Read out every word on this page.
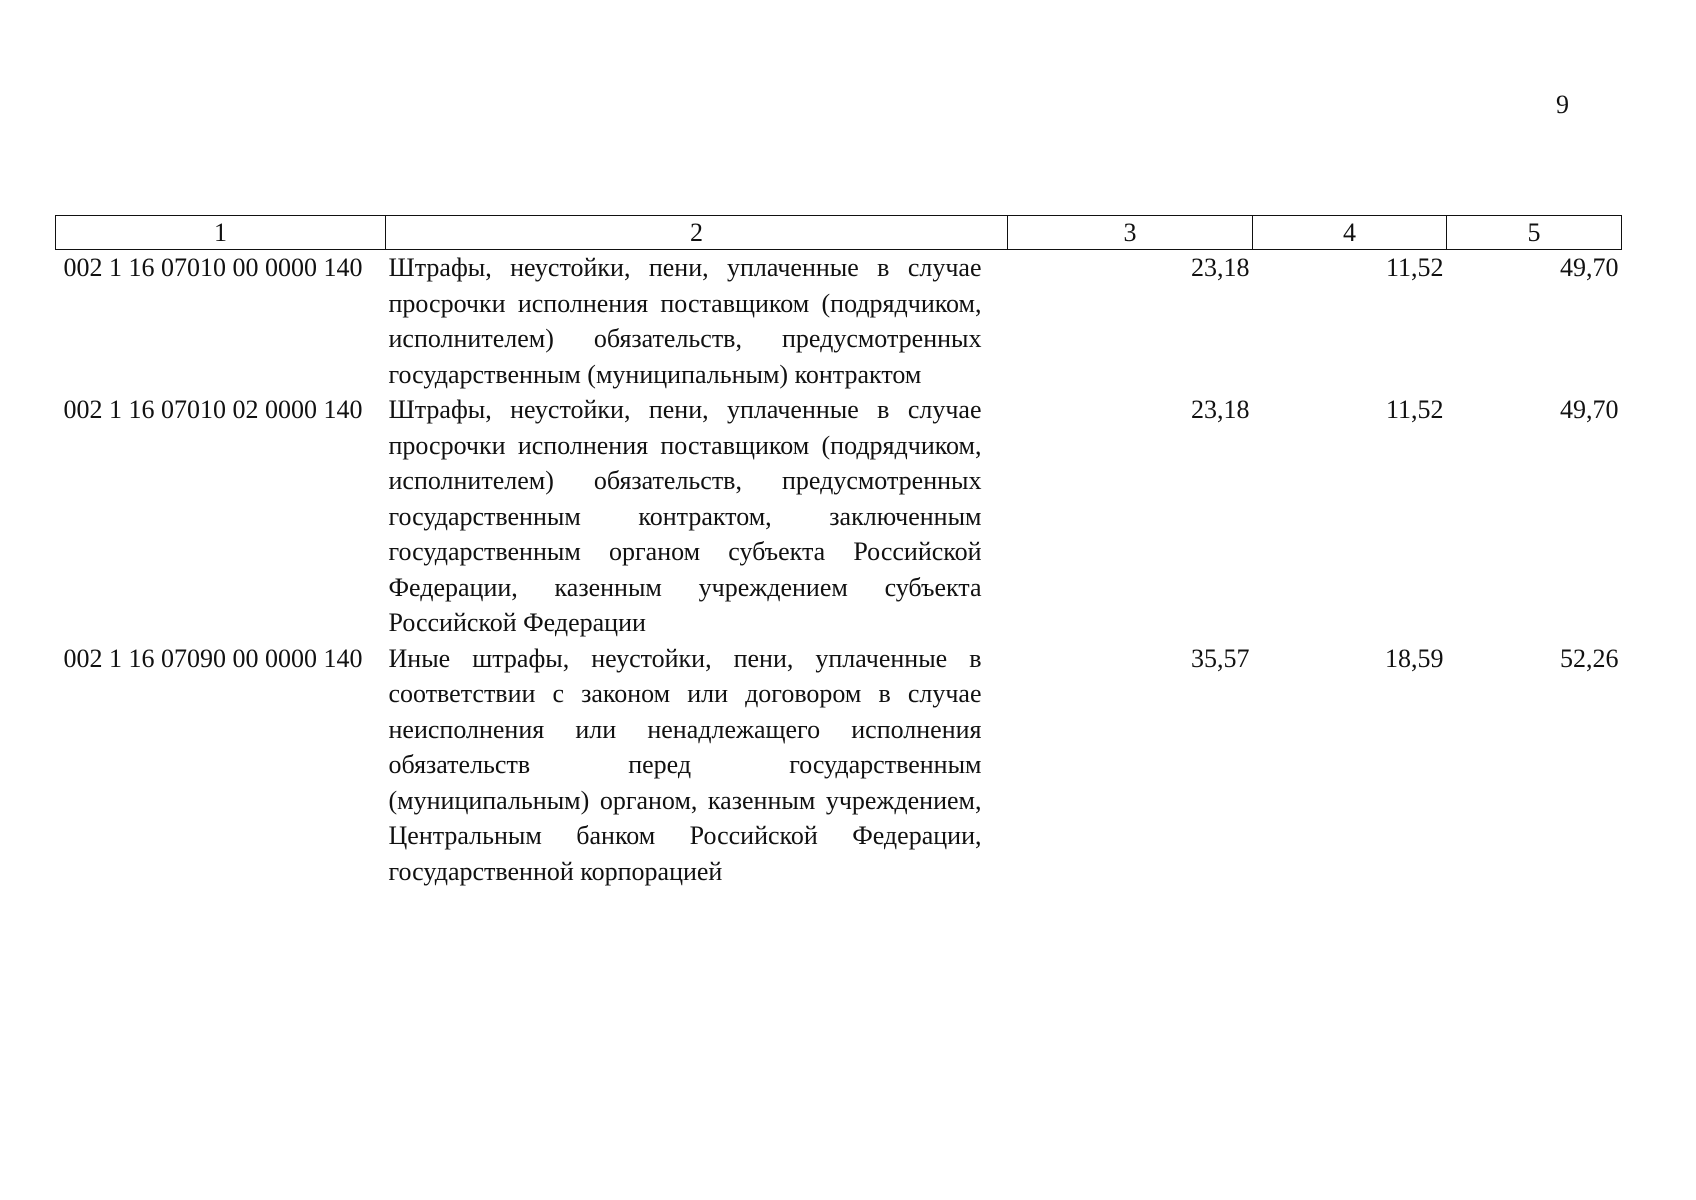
9
1	2	3	4	5
002 1 16 07010 00 0000 140	Штрафы, неустойки, пени, уплаченные в случае просрочки исполнения поставщиком (подрядчиком, исполнителем) обязательств, предусмотренных государственным (муниципальным) контрактом	23,18	11,52	49,70
002 1 16 07010 02 0000 140	Штрафы, неустойки, пени, уплаченные в случае просрочки исполнения поставщиком (подрядчиком, исполнителем) обязательств, предусмотренных государственным контрактом, заключенным государственным органом субъекта Российской Федерации, казенным учреждением субъекта Российской Федерации	23,18	11,52	49,70
002 1 16 07090 00 0000 140	Иные штрафы, неустойки, пени, уплаченные в соответствии с законом или договором в случае неисполнения или ненадлежащего исполнения обязательств перед государственным (муниципальным) органом, казенным учреждением, Центральным банком Российской Федерации, государственной корпорацией	35,57	18,59	52,26
